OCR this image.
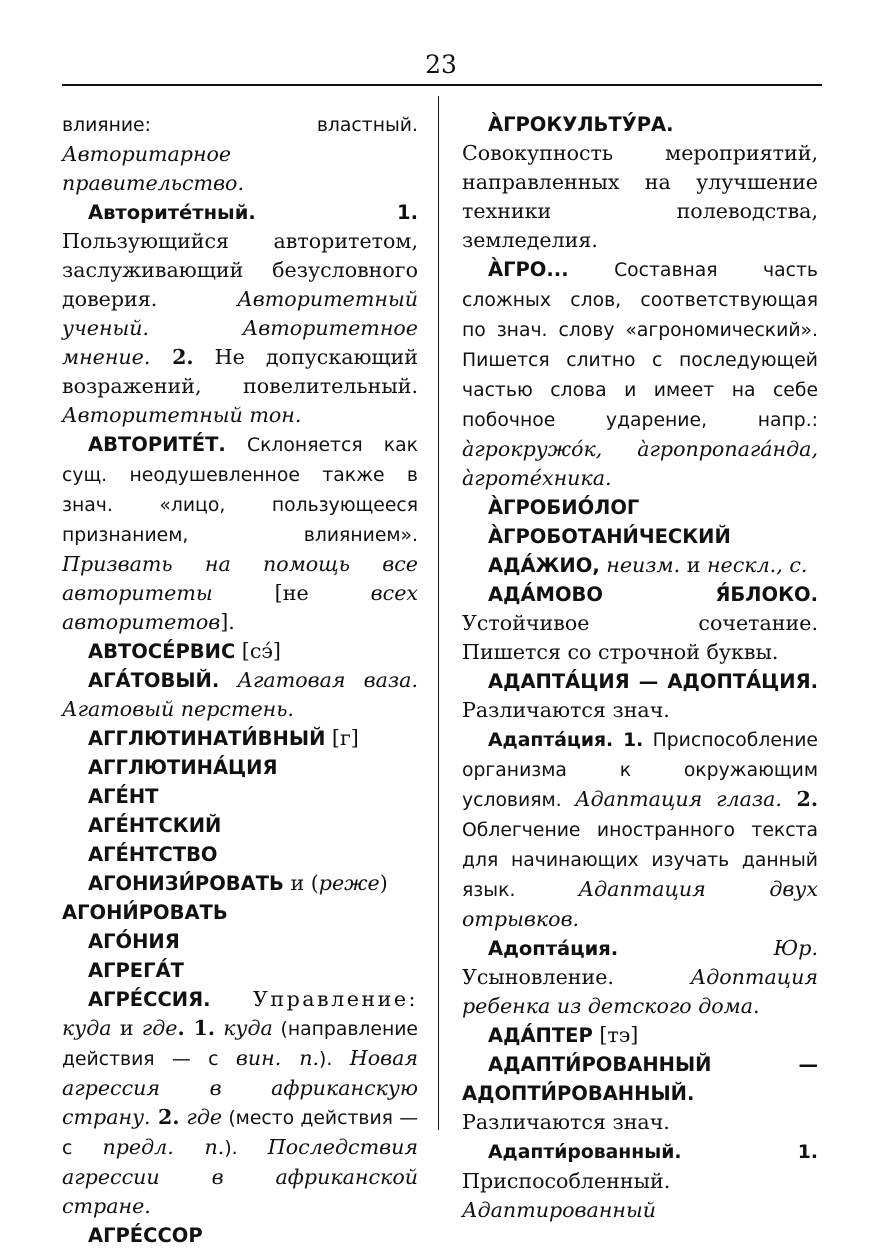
23

влияние: властный. Авторитарное правительство.

Авторите́тный. 1. Пользующийся авторитетом, заслуживающий безусловного доверия. Авторитетный ученый. Авторитетное мнение. 2. Не допускающий возражений, повелительный. Авторитетный тон.

АВТОРИТЕ́Т. Склоняется как сущ. неодушевленное также в знач. «лицо, пользующееся признанием, влиянием». Призвать на помощь все авторитеты [не всех авторитетов].

АВТОСЕ́РВИС [сэ́]

АГА́ТОВЫЙ. Агатовая ваза. Агатовый перстень.

АГГЛЮТИНАТИ́ВНЫЙ [г]

АГГЛЮТИНА́ЦИЯ

АГЕ́НТ

АГЕ́НТСКИЙ

АГЕ́НТСТВО

АГОНИЗИ́РОВАТЬ и (реже)

АГОНИ́РОВАТЬ

АГО́НИЯ

АГРЕГА́Т

АГРЕ́ССИЯ. Управление: куда и где. 1. куда (направление действия — с вин. п.). Новая агрессия в африканскую страну. 2. где (место действия — с предл. п.). Последствия агрессии в африканской стране.

АГРЕ́ССОР

А̀ГРОКУЛЬТУ́РА. Совокупность мероприятий, направленных на улучшение техники полеводства, земледелия.

А̀ГРО... Составная часть сложных слов, соответствующая по знач. слову «агрономический». Пишется слитно с последующей частью слова и имеет на себе побочное ударение, напр.: а̀грокружо́к, а̀гропропага́нда, а̀гроте́хника.

А̀ГРОБИО́ЛОГ

А̀ГРОБОТАНИ́ЧЕСКИЙ

АДА́ЖИО, неизм. и нескл., с.

АДА́МОВО Я́БЛОКО. Устойчивое сочетание. Пишется со строчной буквы.

АДАПТА́ЦИЯ — АДОПТА́ЦИЯ. Различаются знач.

Адапта́ция. 1. Приспособление организма к окружающим условиям. Адаптация глаза. 2. Облегчение иностранного текста для начинающих изучать данный язык. Адаптация двух отрывков.

Адопта́ция. Юр. Усыновление. Адоптация ребенка из детского дома.

АДА́ПТЕР [тэ]

АДАПТИ́РОВАННЫЙ — АДОПТИ́РОВАННЫЙ. Различаются знач.

Адапти́рованный. 1. Приспособленный. Адаптированный
